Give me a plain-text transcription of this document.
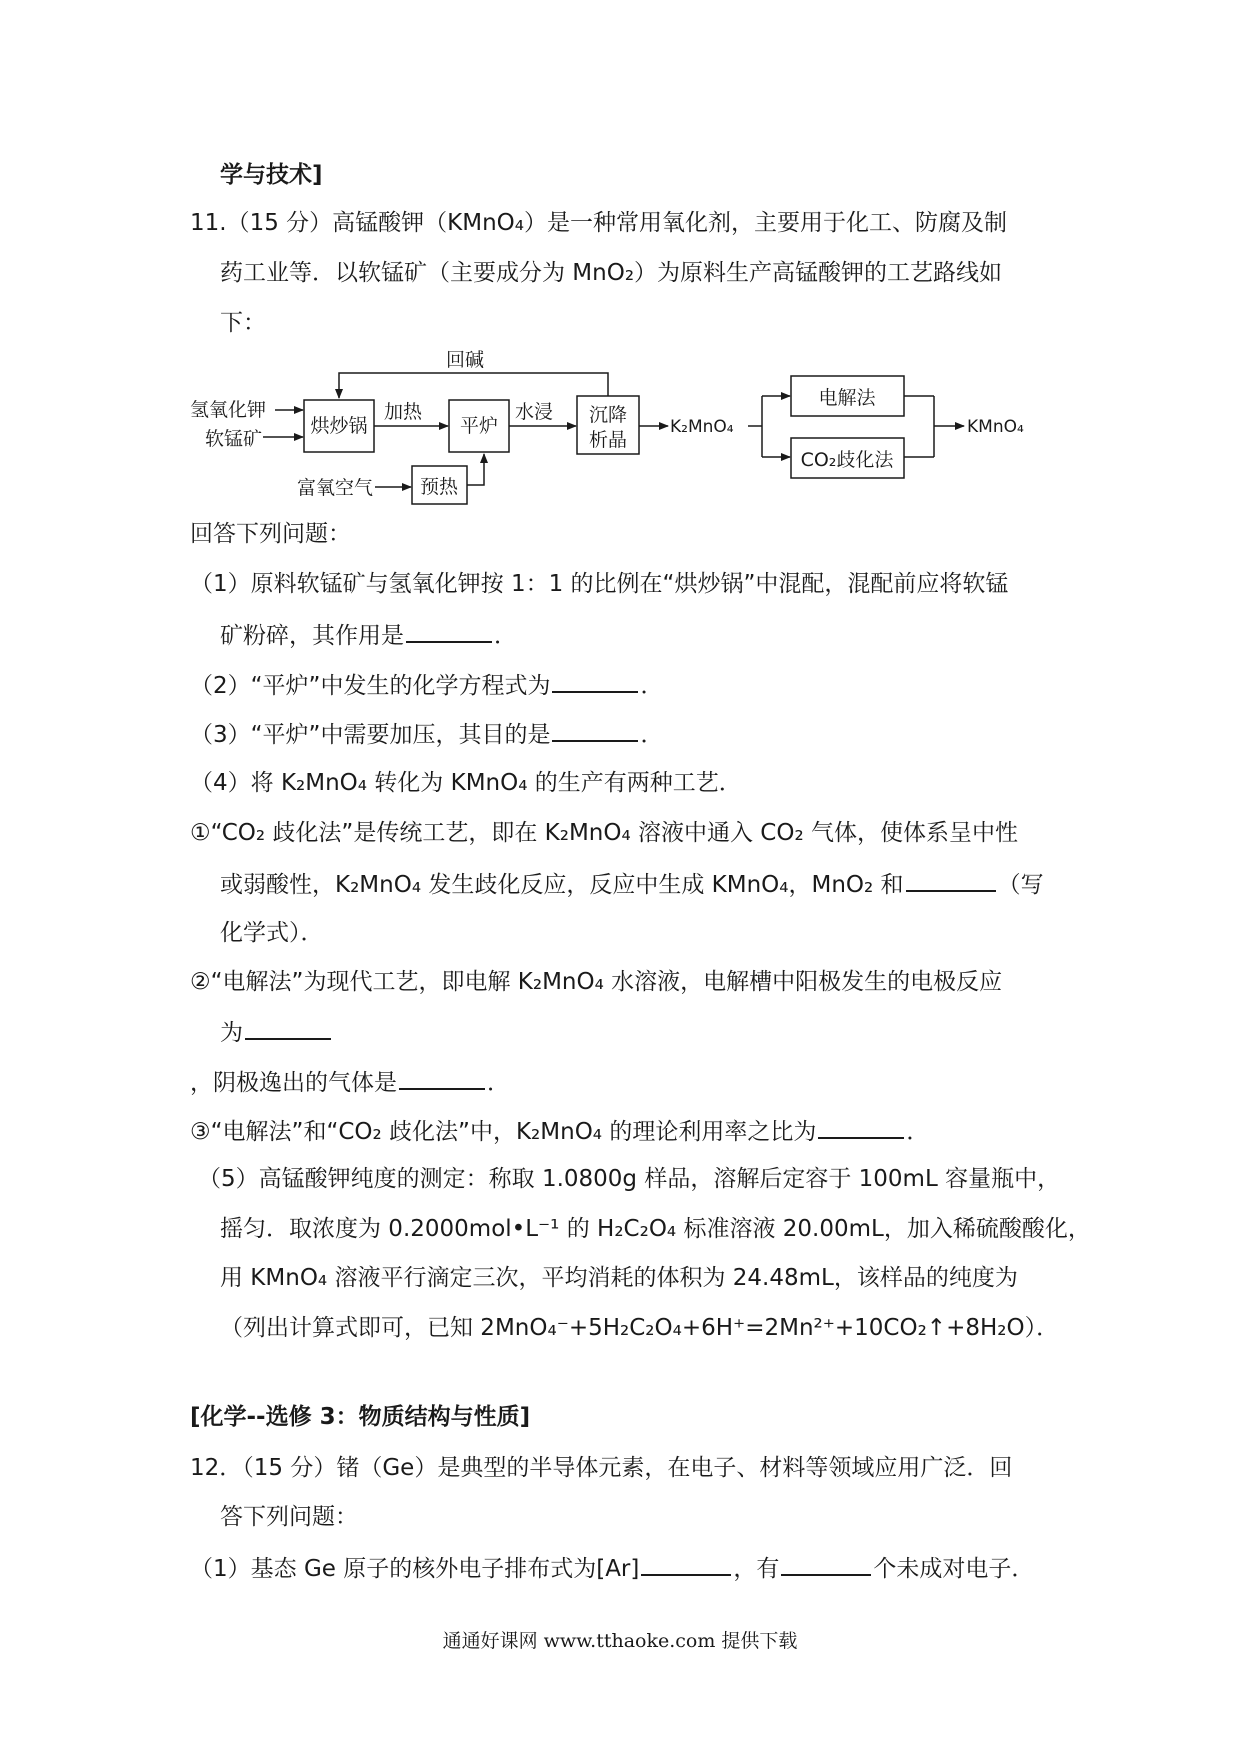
学与技术]
11.（15 分）高锰酸钾（KMnO₄）是一种常用氧化剂，主要用于化工、防腐及制
药工业等．以软锰矿（主要成分为 MnO₂）为原料生产高锰酸钾的工艺路线如
下：
氢氧化钾
软锰矿
烘炒锅
加热
平炉
水浸 沉降
析晶
回碱
富氧空气 预热
K₂MnO₄
电解法
CO₂歧化法
KMnO₄
回答下列问题：
（1）原料软锰矿与氢氧化钾按 1：1 的比例在“烘炒锅”中混配，混配前应将软锰
矿粉碎，其作用是	．
（2）“平炉”中发生的化学方程式为	．
（3）“平炉”中需要加压，其目的是	．
（4）将 K₂MnO₄ 转化为 KMnO₄ 的生产有两种工艺．
①“CO₂ 歧化法”是传统工艺，即在 K₂MnO₄ 溶液中通入 CO₂ 气体，使体系呈中性
或弱酸性，K₂MnO₄ 发生歧化反应，反应中生成 KMnO₄，MnO₂ 和	（写
化学式）．
②“电解法”为现代工艺，即电解 K₂MnO₄ 水溶液，电解槽中阳极发生的电极反应
为
，阴极逸出的气体是	．
③“电解法”和“CO₂ 歧化法”中，K₂MnO₄ 的理论利用率之比为	．
（5）高锰酸钾纯度的测定：称取 1.0800g 样品，溶解后定容于 100mL 容量瓶中，
摇匀．取浓度为 0.2000mol•L⁻¹ 的 H₂C₂O₄ 标准溶液 20.00mL，加入稀硫酸酸化，
用 KMnO₄ 溶液平行滴定三次，平均消耗的体积为 24.48mL，该样品的纯度为
（列出计算式即可，已知 2MnO₄⁻+5H₂C₂O₄+6H⁺=2Mn²⁺+10CO₂↑+8H₂O）．
[化学--选修 3：物质结构与性质]
12．（15 分）锗（Ge）是典型的半导体元素，在电子、材料等领域应用广泛．回
答下列问题：
（1）基态 Ge 原子的核外电子排布式为[Ar]	，有	个未成对电子．
通通好课网 www.tthaoke.com 提供下载
